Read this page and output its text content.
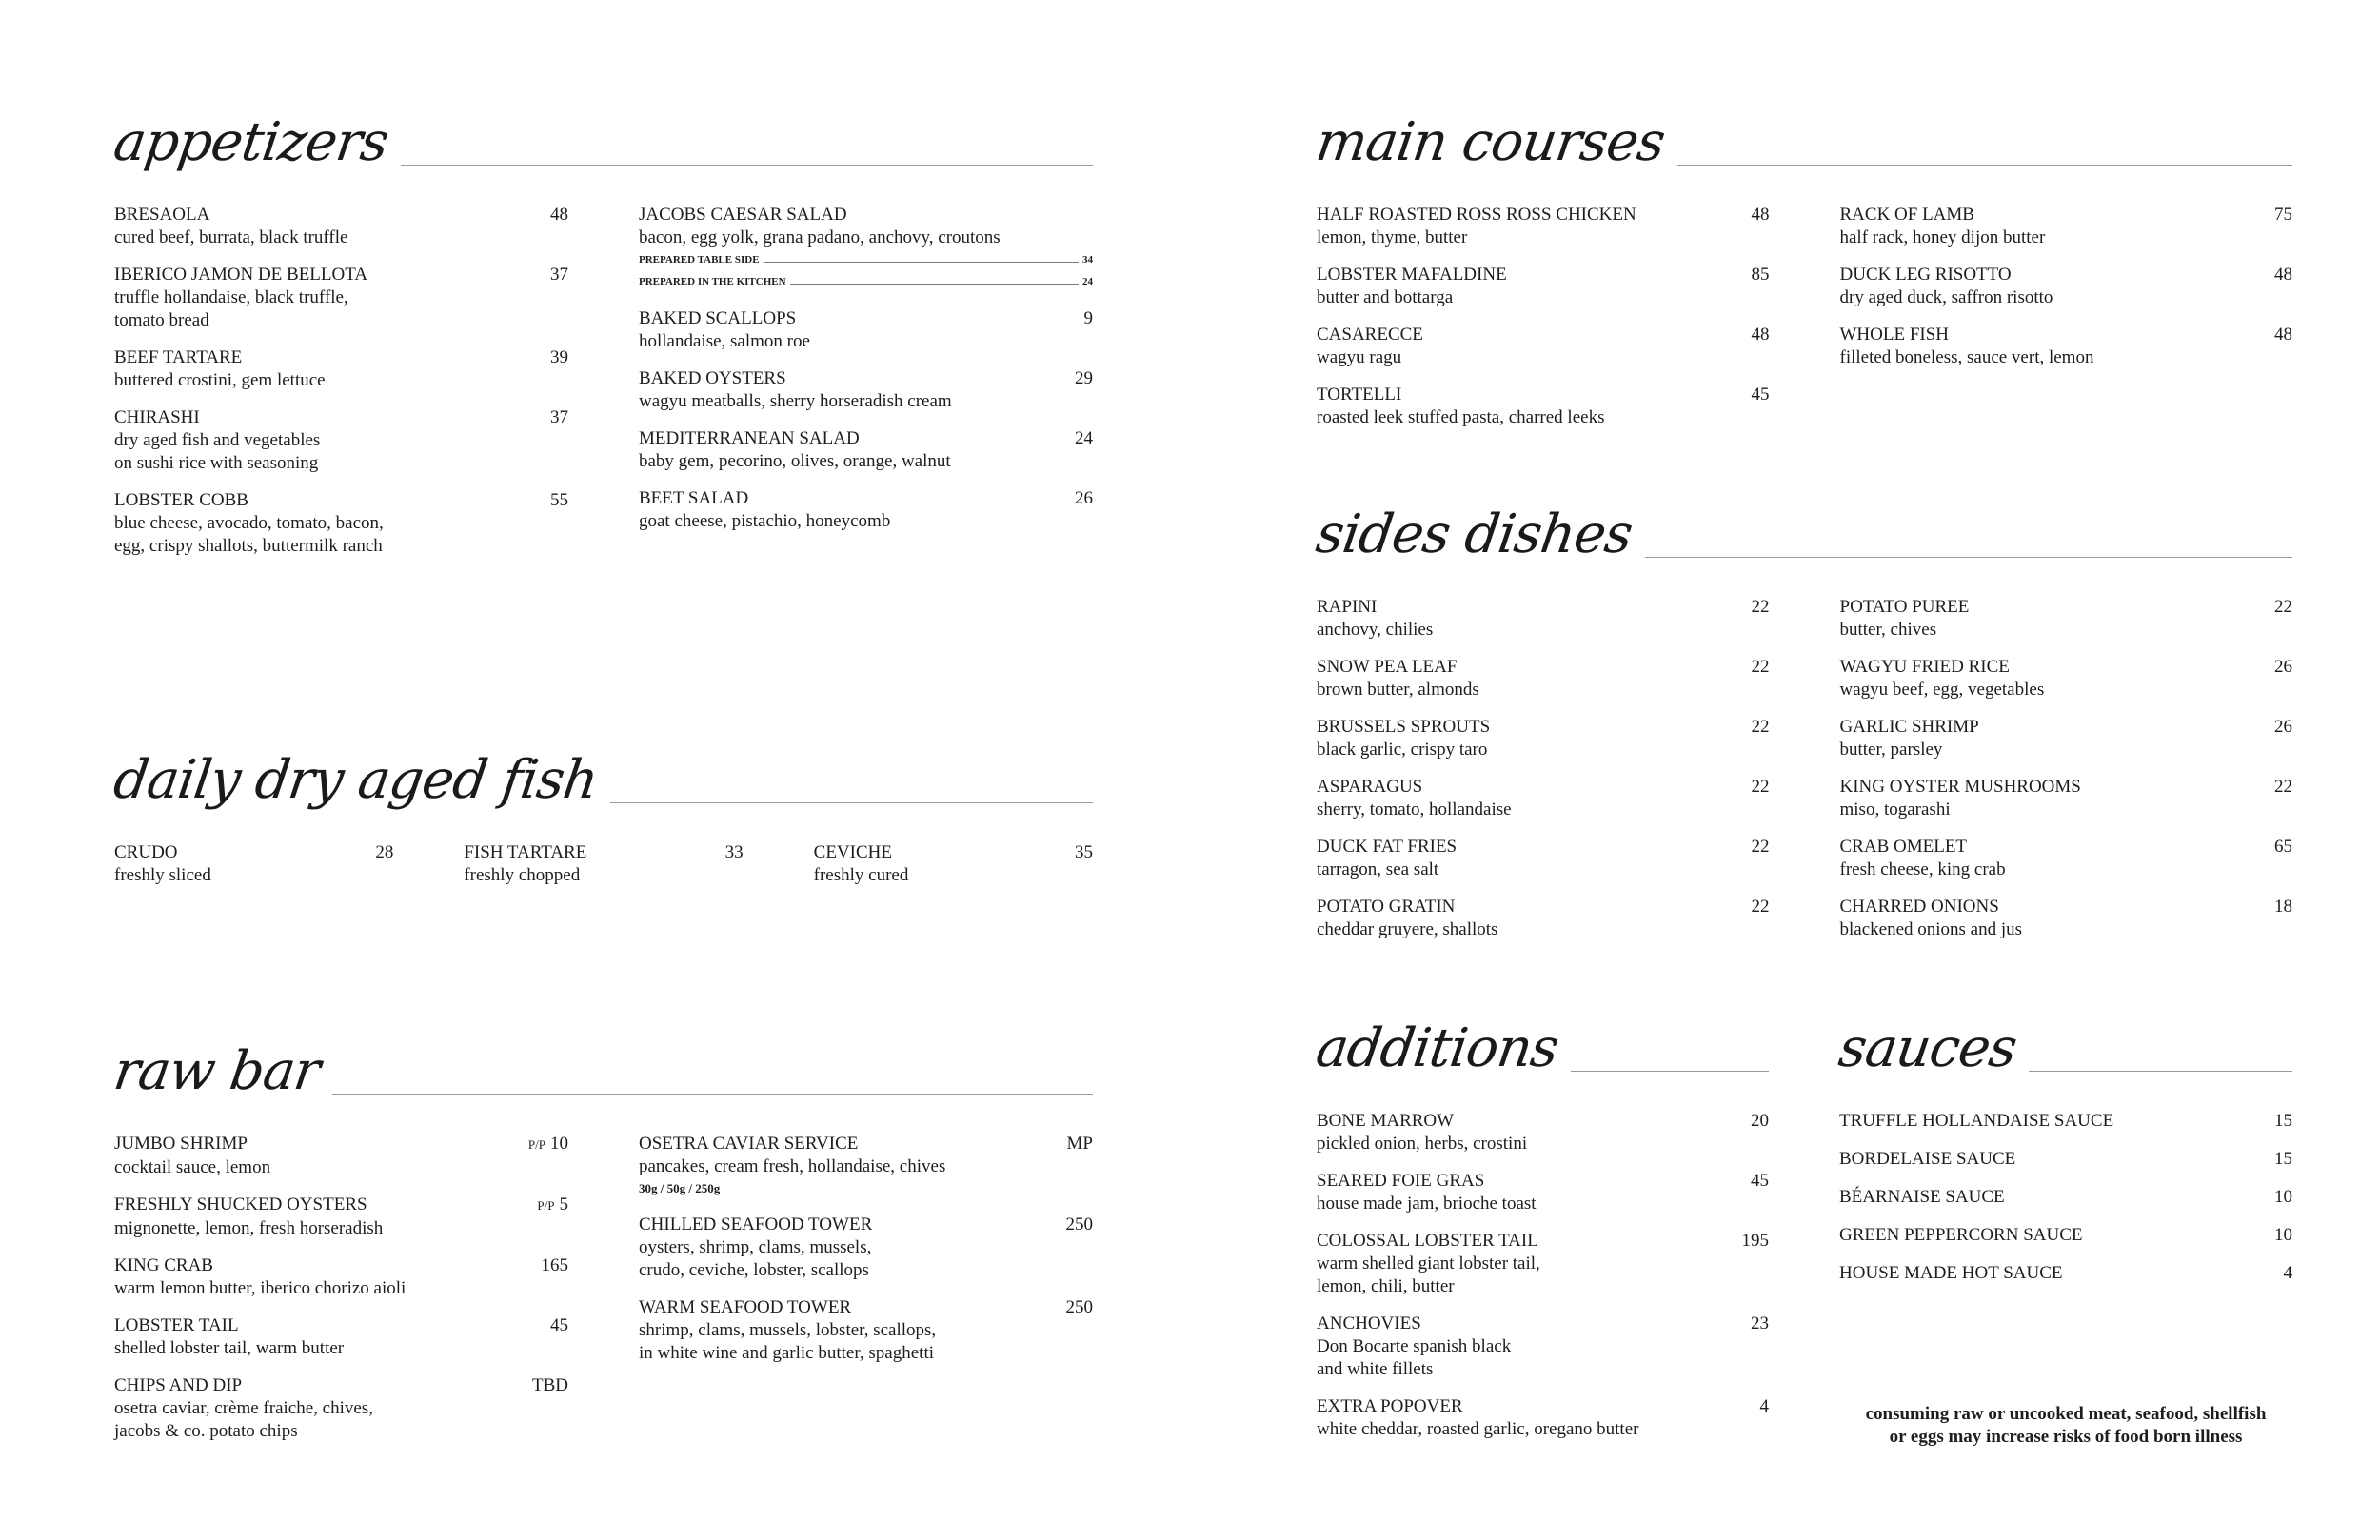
appetizers
BRESAOLA	48
cured beef, burrata, black truffle
IBERICO JAMON DE BELLOTA	37
truffle hollandaise, black truffle,
tomato bread
BEEF TARTARE	39
buttered crostini, gem lettuce
CHIRASHI	37
dry aged fish and vegetables
on sushi rice with seasoning
LOBSTER COBB	55
blue cheese, avocado, tomato, bacon,
egg, crispy shallots, buttermilk ranch
JACOBS CAESAR SALAD
bacon, egg yolk, grana padano, anchovy, croutons
PREPARED TABLE SIDE	34
PREPARED IN THE KITCHEN	24
BAKED SCALLOPS	9
hollandaise, salmon roe
BAKED OYSTERS	29
wagyu meatballs, sherry horseradish cream
MEDITERRANEAN SALAD	24
baby gem, pecorino, olives, orange, walnut
BEET SALAD	26
goat cheese, pistachio, honeycomb
daily dry aged fish
CRUDO	28
freshly sliced
FISH TARTARE	33
freshly chopped
CEVICHE	35
freshly cured
raw bar
JUMBO SHRIMP	P/P 10
cocktail sauce, lemon
FRESHLY SHUCKED OYSTERS	P/P 5
mignonette, lemon, fresh horseradish
KING CRAB	165
warm lemon butter, iberico chorizo aioli
LOBSTER TAIL	45
shelled lobster tail, warm butter
CHIPS AND DIP	TBD
osetra caviar, crème fraiche, chives,
jacobs & co. potato chips
OSETRA CAVIAR SERVICE	MP
pancakes, cream fresh, hollandaise, chives
30g / 50g / 250g
CHILLED SEAFOOD TOWER	250
oysters, shrimp, clams, mussels,
crudo, ceviche, lobster, scallops
WARM SEAFOOD TOWER	250
shrimp, clams, mussels, lobster, scallops,
in white wine and garlic butter, spaghetti
main courses
HALF ROASTED ROSS ROSS CHICKEN	48
lemon, thyme, butter
LOBSTER MAFALDINE	85
butter and bottarga
CASARECCE	48
wagyu ragu
TORTELLI	45
roasted leek stuffed pasta, charred leeks
RACK OF LAMB	75
half rack, honey dijon butter
DUCK LEG RISOTTO	48
dry aged duck, saffron risotto
WHOLE FISH	48
filleted boneless, sauce vert, lemon
sides dishes
RAPINI	22
anchovy, chilies
SNOW PEA LEAF	22
brown butter, almonds
BRUSSELS SPROUTS	22
black garlic, crispy taro
ASPARAGUS	22
sherry, tomato, hollandaise
DUCK FAT FRIES	22
tarragon, sea salt
POTATO GRATIN	22
cheddar gruyere, shallots
POTATO PUREE	22
butter, chives
WAGYU FRIED RICE	26
wagyu beef, egg, vegetables
GARLIC SHRIMP	26
butter, parsley
KING OYSTER MUSHROOMS	22
miso, togarashi
CRAB OMELET	65
fresh cheese, king crab
CHARRED ONIONS	18
blackened onions and jus
additions
BONE MARROW	20
pickled onion, herbs, crostini
SEARED FOIE GRAS	45
house made jam, brioche toast
COLOSSAL LOBSTER TAIL	195
warm shelled giant lobster tail,
lemon, chili, butter
ANCHOVIES	23
Don Bocarte spanish black
and white fillets
EXTRA POPOVER	4
white cheddar, roasted garlic, oregano butter
sauces
TRUFFLE HOLLANDAISE SAUCE	15
BORDELAISE SAUCE	15
BÉARNAISE SAUCE	10
GREEN PEPPERCORN SAUCE	10
HOUSE MADE HOT SAUCE	4
consuming raw or uncooked meat, seafood, shellfish
or eggs may increase risks of food born illness
